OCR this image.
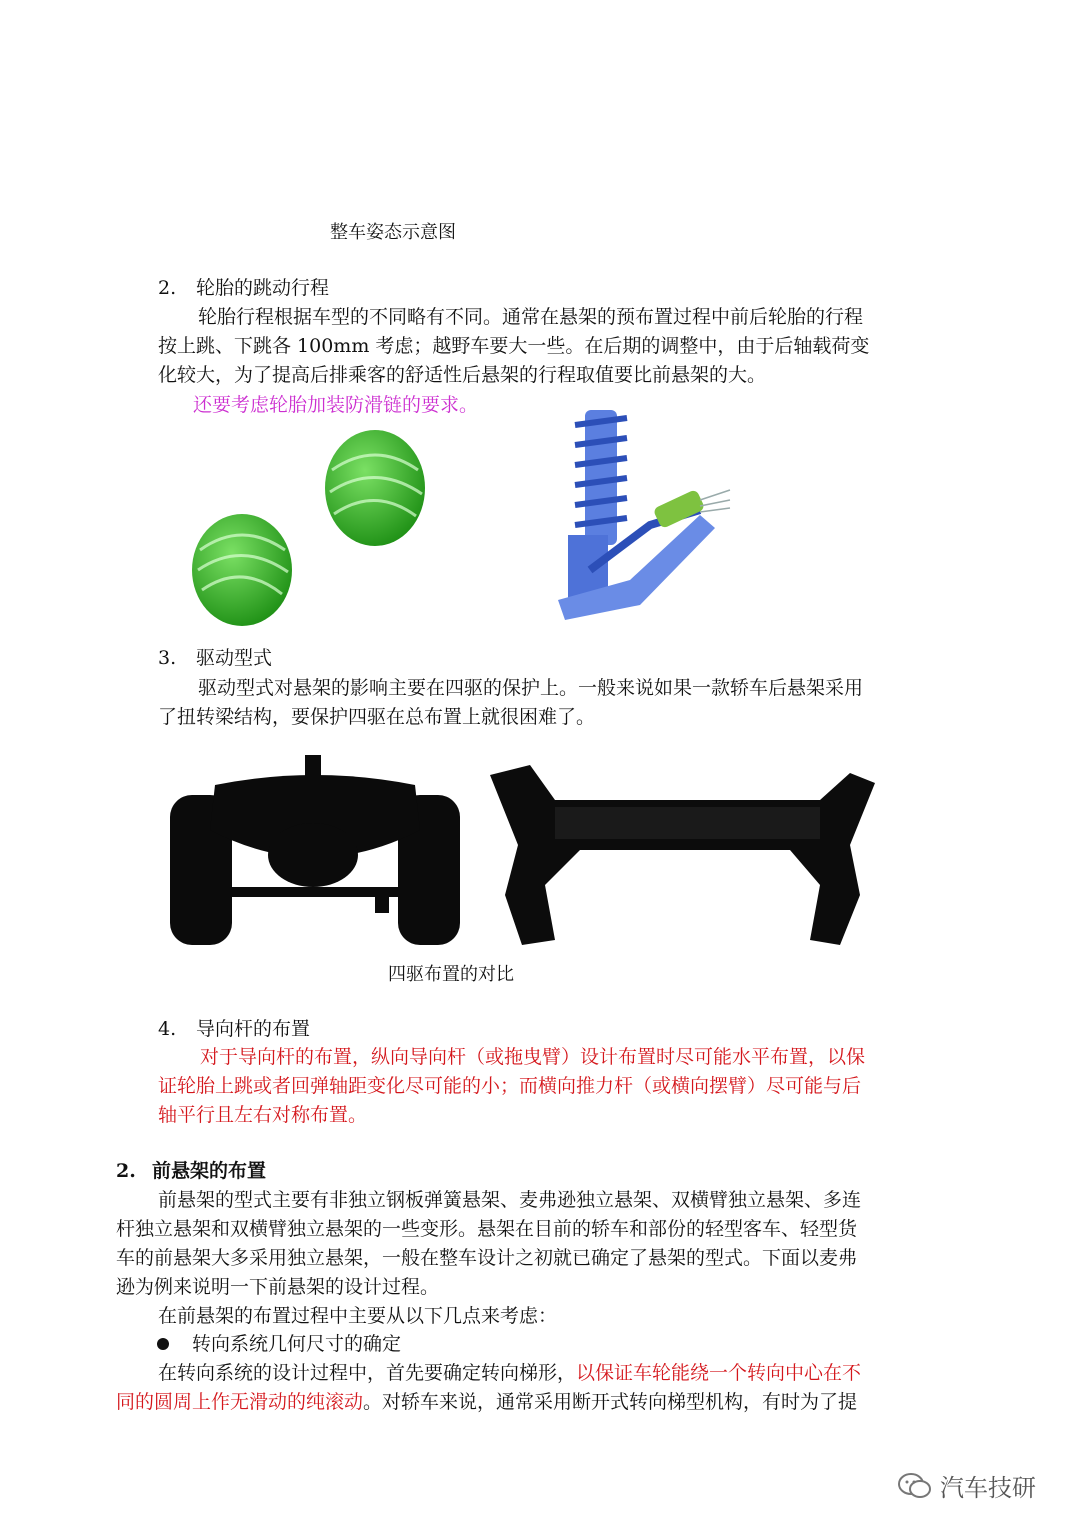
整车姿态示意图
2. 轮胎的跳动行程
轮胎行程根据车型的不同略有不同。通常在悬架的预布置过程中前后轮胎的行程
按上跳、下跳各 100mm 考虑；越野车要大一些。在后期的调整中，由于后轴载荷变
化较大，为了提高后排乘客的舒适性后悬架的行程取值要比前悬架的大。
还要考虑轮胎加装防滑链的要求。
3. 驱动型式
驱动型式对悬架的影响主要在四驱的保护上。一般来说如果一款轿车后悬架采用
了扭转梁结构，要保护四驱在总布置上就很困难了。
四驱布置的对比
4. 导向杆的布置
对于导向杆的布置，纵向导向杆（或拖曳臂）设计布置时尽可能水平布置，以保
证轮胎上跳或者回弹轴距变化尽可能的小；而横向推力杆（或横向摆臂）尽可能与后
轴平行且左右对称布置。
2. 前悬架的布置
前悬架的型式主要有非独立钢板弹簧悬架、麦弗逊独立悬架、双横臂独立悬架、多连
杆独立悬架和双横臂独立悬架的一些变形。悬架在目前的轿车和部份的轻型客车、轻型货
车的前悬架大多采用独立悬架，一般在整车设计之初就已确定了悬架的型式。下面以麦弗
逊为例来说明一下前悬架的设计过程。
在前悬架的布置过程中主要从以下几点来考虑：
转向系统几何尺寸的确定
在转向系统的设计过程中，首先要确定转向梯形，以保证车轮能绕一个转向中心在不
同的圆周上作无滑动的纯滚动。对轿车来说，通常采用断开式转向梯型机构，有时为了提
汽车技研
